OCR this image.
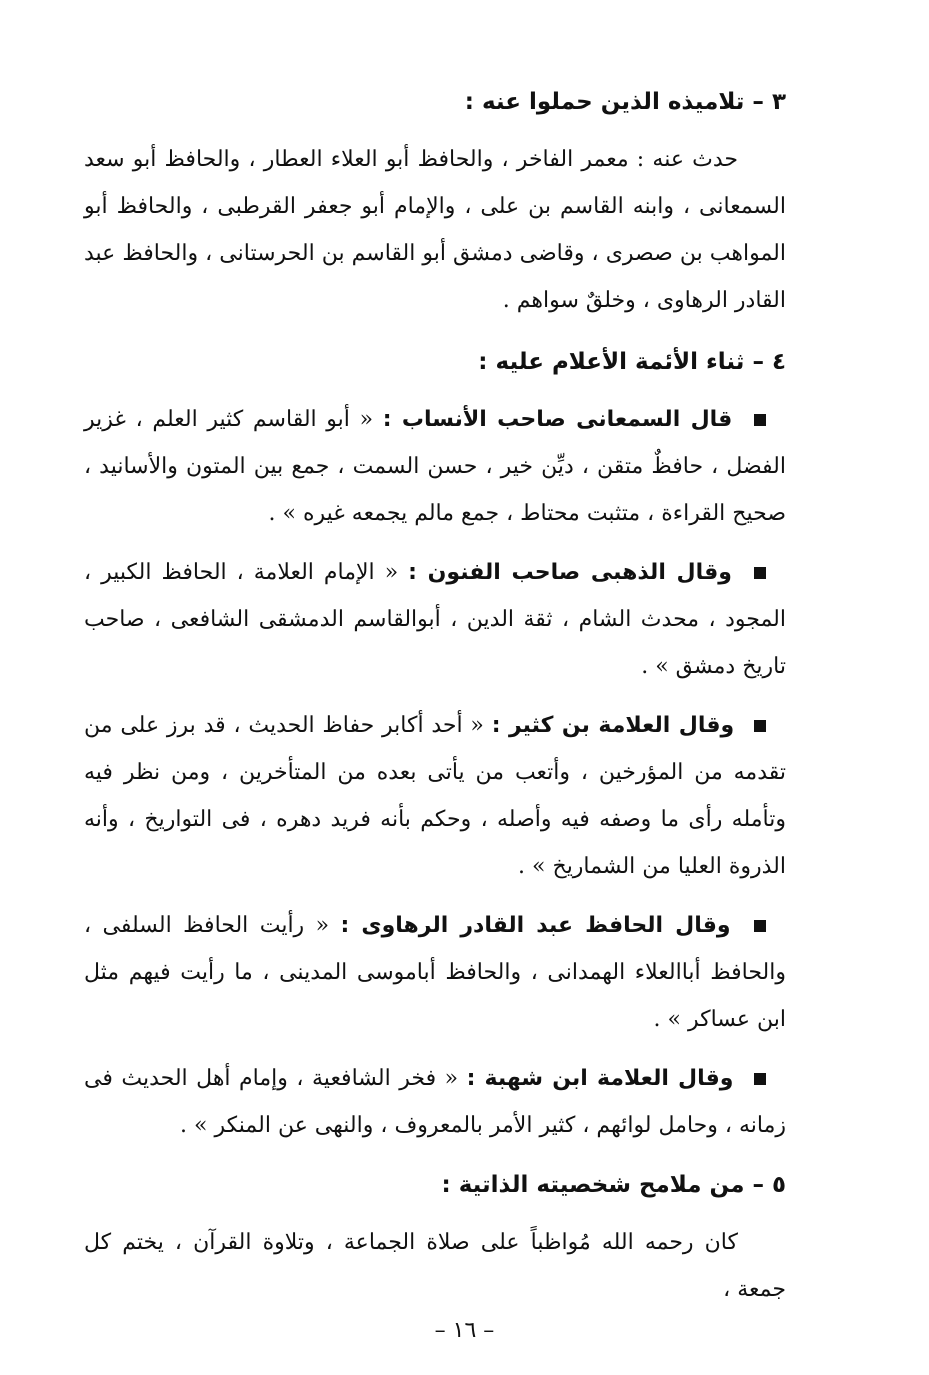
٣ – تلاميذه الذين حملوا عنه :

حدث عنه : معمر الفاخر ، والحافظ أبو العلاء العطار ، والحافظ أبو سعد السمعانى ، وابنه القاسم بن على ، والإمام أبو جعفر القرطبى ، والحافظ أبو المواهب بن صصرى ، وقاضى دمشق أبو القاسم بن الحرستانى ، والحافظ عبد القادر الرهاوى ، وخلقٌ سواهم .

٤ – ثناء الأئمة الأعلام عليه :

قال السمعانى صاحب الأنساب : « أبو القاسم كثير العلم ، غزير الفضل ، حافظٌ متقن ، ديِّن خير ، حسن السمت ، جمع بين المتون والأسانيد ، صحيح القراءة ، متثبت محتاط ، جمع مالم يجمعه غيره » .

وقال الذهبى صاحب الفنون : « الإمام العلامة ، الحافظ الكبير ، المجود ، محدث الشام ، ثقة الدين ، أبوالقاسم الدمشقى الشافعى ، صاحب تاريخ دمشق » .

وقال العلامة بن كثير : « أحد أكابر حفاظ الحديث ، قد برز على من تقدمه من المؤرخين ، وأتعب من يأتى بعده من المتأخرين ، ومن نظر فيه وتأمله رأى ما وصفه فيه وأصله ، وحكم بأنه فريد دهره ، فى التواريخ ، وأنه الذروة العليا من الشماريخ » .

وقال الحافظ عبد القادر الرهاوى : « رأيت الحافظ السلفى ، والحافظ أباالعلاء الهمدانى ، والحافظ أباموسى المدينى ، ما رأيت فيهم مثل ابن عساكر » .

وقال العلامة ابن شهبة : « فخر الشافعية ، وإمام أهل الحديث فى زمانه ، وحامل لوائهم ، كثير الأمر بالمعروف ، والنهى عن المنكر » .

٥ – من ملامح شخصيته الذاتية :

كان رحمه الله مُواظباً على صلاة الجماعة ، وتلاوة القرآن ، يختم كل جمعة ،

– ١٦ –
